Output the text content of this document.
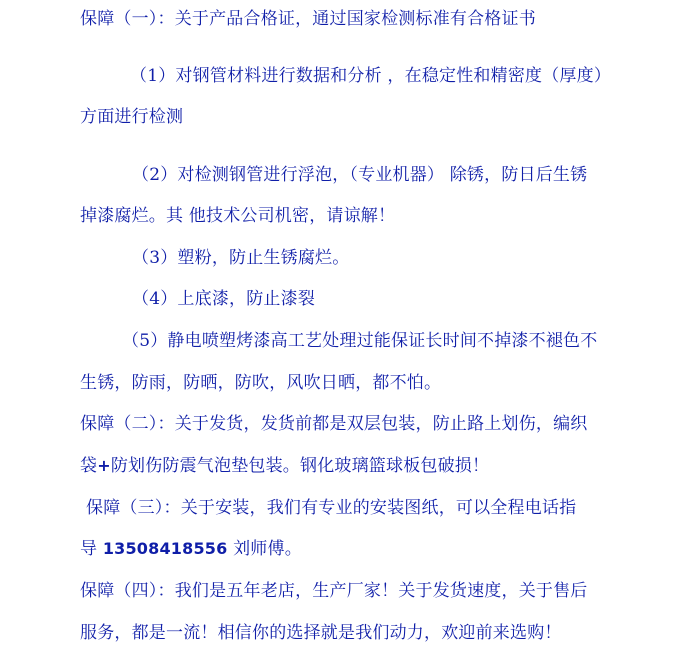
保障（一）：关于产品合格证，通过国家检测标准有合格证书
（1）对钢管材料进行数据和分析 ，在稳定性和精密度（厚度）
方面进行检测
（2）对检测钢管进行浮泡，（专业机器） 除锈，防日后生锈
掉漆腐烂。其 他技术公司机密，请谅解！
（3）塑粉，防止生锈腐烂。
（4）上底漆，防止漆裂
（5）静电喷塑烤漆高工艺处理过能保证长时间不掉漆不褪色不
生锈，防雨，防晒，防吹，风吹日晒，都不怕。
保障（二）：关于发货，发货前都是双层包装，防止路上划伤，编织
袋+防划伤防震气泡垫包装。钢化玻璃篮球板包破损！
保障（三）：关于安装，我们有专业的安装图纸，可以全程电话指
导 13508418556 刘师傅。
保障（四）：我们是五年老店，生产厂家！关于发货速度，关于售后
服务，都是一流！相信你的选择就是我们动力，欢迎前来选购！
